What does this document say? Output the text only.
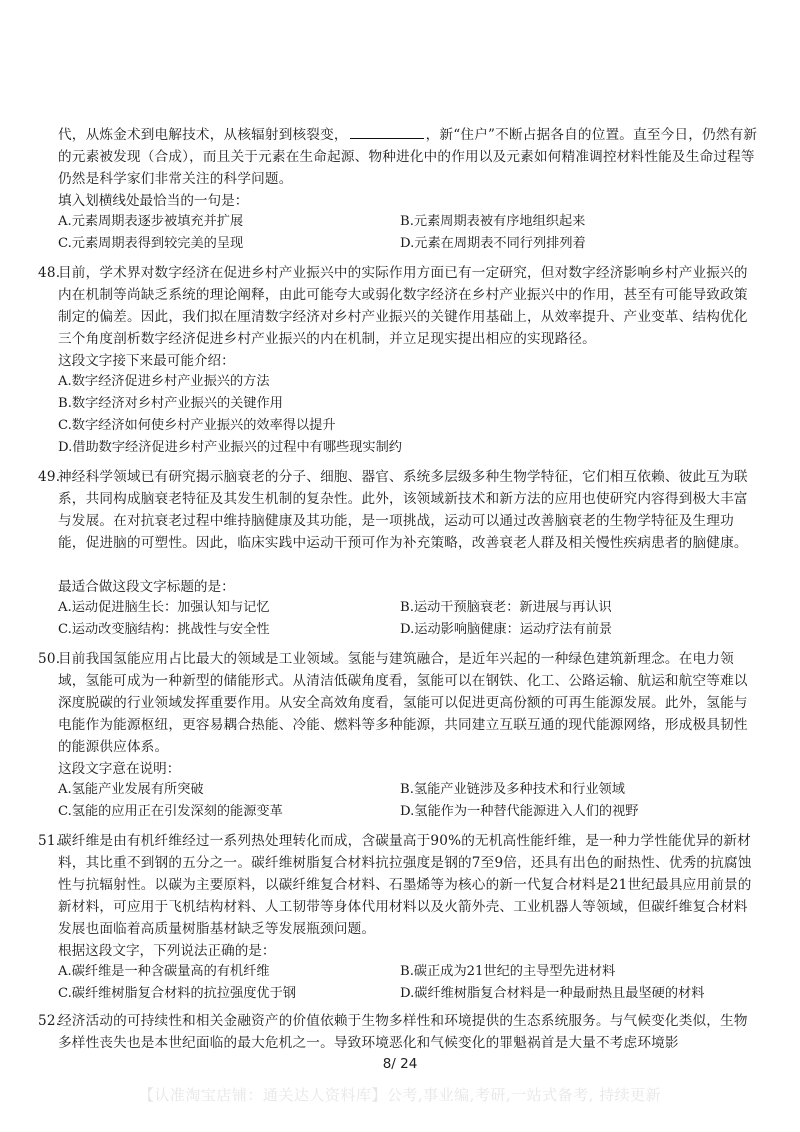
代，从炼金术到电解技术，从核辐射到核裂变，	，新“住户”不断占据各自的位置。直至今日，仍然有新的元素被发现（合成），而且关于元素在生命起源、物种进化中的作用以及元素如何精准调控材料性能及生命过程等仍然是科学家们非常关注的科学问题。
填入划横线处最恰当的一句是：
A.元素周期表逐步被填充并扩展	B.元素周期表被有序地组织起来
C.元素周期表得到较完美的呈现	D.元素在周期表不同行列排列着
48.
目前，学术界对数字经济在促进乡村产业振兴中的实际作用方面已有一定研究，但对数字经济影响乡村产业振兴的内在机制等尚缺乏系统的理论阐释，由此可能夸大或弱化数字经济在乡村产业振兴中的作用，甚至有可能导致政策制定的偏差。因此，我们拟在厘清数字经济对乡村产业振兴的关键作用基础上，从效率提升、产业变革、结构优化三个角度剖析数字经济促进乡村产业振兴的内在机制，并立足现实提出相应的实现路径。
这段文字接下来最可能介绍：
A.数字经济促进乡村产业振兴的方法
B.数字经济对乡村产业振兴的关键作用
C.数字经济如何使乡村产业振兴的效率得以提升
D.借助数字经济促进乡村产业振兴的过程中有哪些现实制约
49.
神经科学领域已有研究揭示脑衰老的分子、细胞、器官、系统多层级多种生物学特征，它们相互依赖、彼此互为联系，共同构成脑衰老特征及其发生机制的复杂性。此外，该领域新技术和新方法的应用也使研究内容得到极大丰富与发展。在对抗衰老过程中维持脑健康及其功能，是一项挑战，运动可以通过改善脑衰老的生物学特征及生理功能，促进脑的可塑性。因此，临床实践中运动干预可作为补充策略，改善衰老人群及相关慢性疾病患者的脑健康。
最适合做这段文字标题的是：
A.运动促进脑生长：加强认知与记忆	B.运动干预脑衰老：新进展与再认识
C.运动改变脑结构：挑战性与安全性	D.运动影响脑健康：运动疗法有前景
50.
目前我国氢能应用占比最大的领域是工业领域。氢能与建筑融合，是近年兴起的一种绿色建筑新理念。在电力领域，氢能可成为一种新型的储能形式。从清洁低碳角度看，氢能可以在钢铁、化工、公路运输、航运和航空等难以深度脱碳的行业领域发挥重要作用。从安全高效角度看，氢能可以促进更高份额的可再生能源发展。此外，氢能与电能作为能源枢纽，更容易耦合热能、冷能、燃料等多种能源，共同建立互联互通的现代能源网络，形成极具韧性的能源供应体系。
这段文字意在说明：
A.氢能产业发展有所突破	B.氢能产业链涉及多种技术和行业领域
C.氢能的应用正在引发深刻的能源变革	D.氢能作为一种替代能源进入人们的视野
51.
碳纤维是由有机纤维经过一系列热处理转化而成，含碳量高于90%的无机高性能纤维，是一种力学性能优异的新材料，其比重不到钢的五分之一。碳纤维树脂复合材料抗拉强度是钢的7至9倍，还具有出色的耐热性、优秀的抗腐蚀性与抗辐射性。以碳为主要原料，以碳纤维复合材料、石墨烯等为核心的新一代复合材料是21世纪最具应用前景的新材料，可应用于飞机结构材料、人工韧带等身体代用材料以及火箭外壳、工业机器人等领域，但碳纤维复合材料发展也面临着高质量树脂基材缺乏等发展瓶颈问题。
根据这段文字，下列说法正确的是：
A.碳纤维是一种含碳量高的有机纤维	B.碳正成为21世纪的主导型先进材料
C.碳纤维树脂复合材料的抗拉强度优于钢	D.碳纤维树脂复合材料是一种最耐热且最坚硬的材料
52.
经济活动的可持续性和相关金融资产的价值依赖于生物多样性和环境提供的生态系统服务。与气候变化类似，生物多样性丧失也是本世纪面临的最大危机之一。导致环境恶化和气候变化的罪魁祸首是大量不考虑环境影
8/ 24
【认准淘宝店铺：通关达人资料库】公考,事业编,考研,一站式备考, 持续更新
